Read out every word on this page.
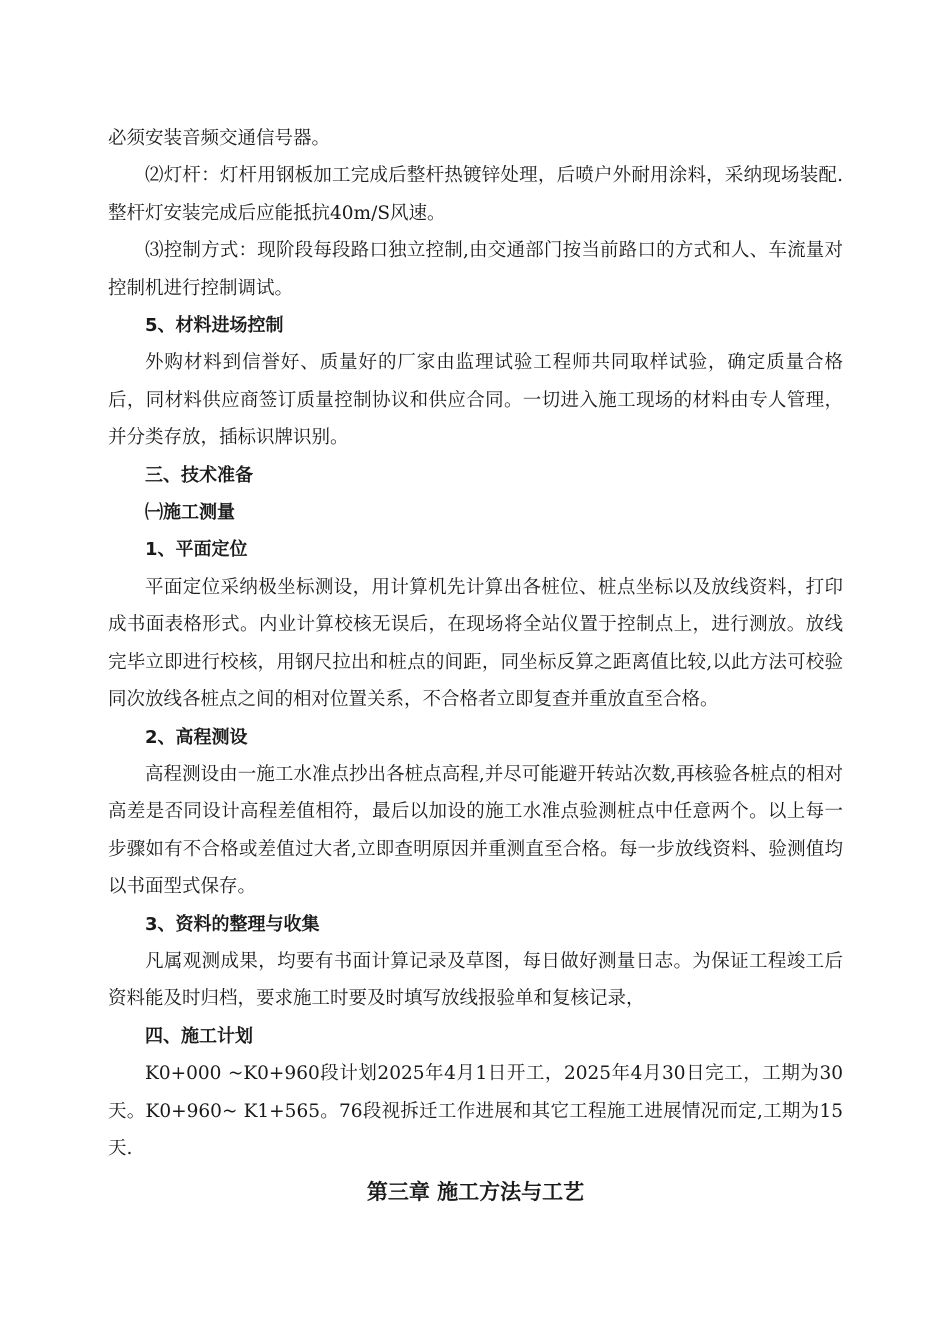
必须安装音频交通信号器。

⑵灯杆：灯杆用钢板加工完成后整杆热镀锌处理，后喷户外耐用涂料，采纳现场装配.整杆灯安装完成后应能抵抗40m/S风速。

⑶控制方式：现阶段每段路口独立控制,由交通部门按当前路口的方式和人、车流量对控制机进行控制调试。

5、材料进场控制

外购材料到信誉好、质量好的厂家由监理试验工程师共同取样试验，确定质量合格后，同材料供应商签订质量控制协议和供应合同。一切进入施工现场的材料由专人管理，并分类存放，插标识牌识别。

三、技术准备

㈠施工测量

1、平面定位

平面定位采纳极坐标测设，用计算机先计算出各桩位、桩点坐标以及放线资料，打印成书面表格形式。内业计算校核无误后，在现场将全站仪置于控制点上，进行测放。放线完毕立即进行校核，用钢尺拉出和桩点的间距，同坐标反算之距离值比较,以此方法可校验同次放线各桩点之间的相对位置关系，不合格者立即复查并重放直至合格。

2、高程测设

高程测设由一施工水准点抄出各桩点高程,并尽可能避开转站次数,再核验各桩点的相对高差是否同设计高程差值相符，最后以加设的施工水准点验测桩点中任意两个。以上每一步骤如有不合格或差值过大者,立即查明原因并重测直至合格。每一步放线资料、验测值均以书面型式保存。

3、资料的整理与收集

凡属观测成果，均要有书面计算记录及草图，每日做好测量日志。为保证工程竣工后资料能及时归档，要求施工时要及时填写放线报验单和复核记录，

四、施工计划

K0+000 ~K0+960段计划2025年4月1日开工，2025年4月30日完工，工期为30天。K0+960~ K1+565。76段视拆迁工作进展和其它工程施工进展情况而定,工期为15天.

第三章 施工方法与工艺
